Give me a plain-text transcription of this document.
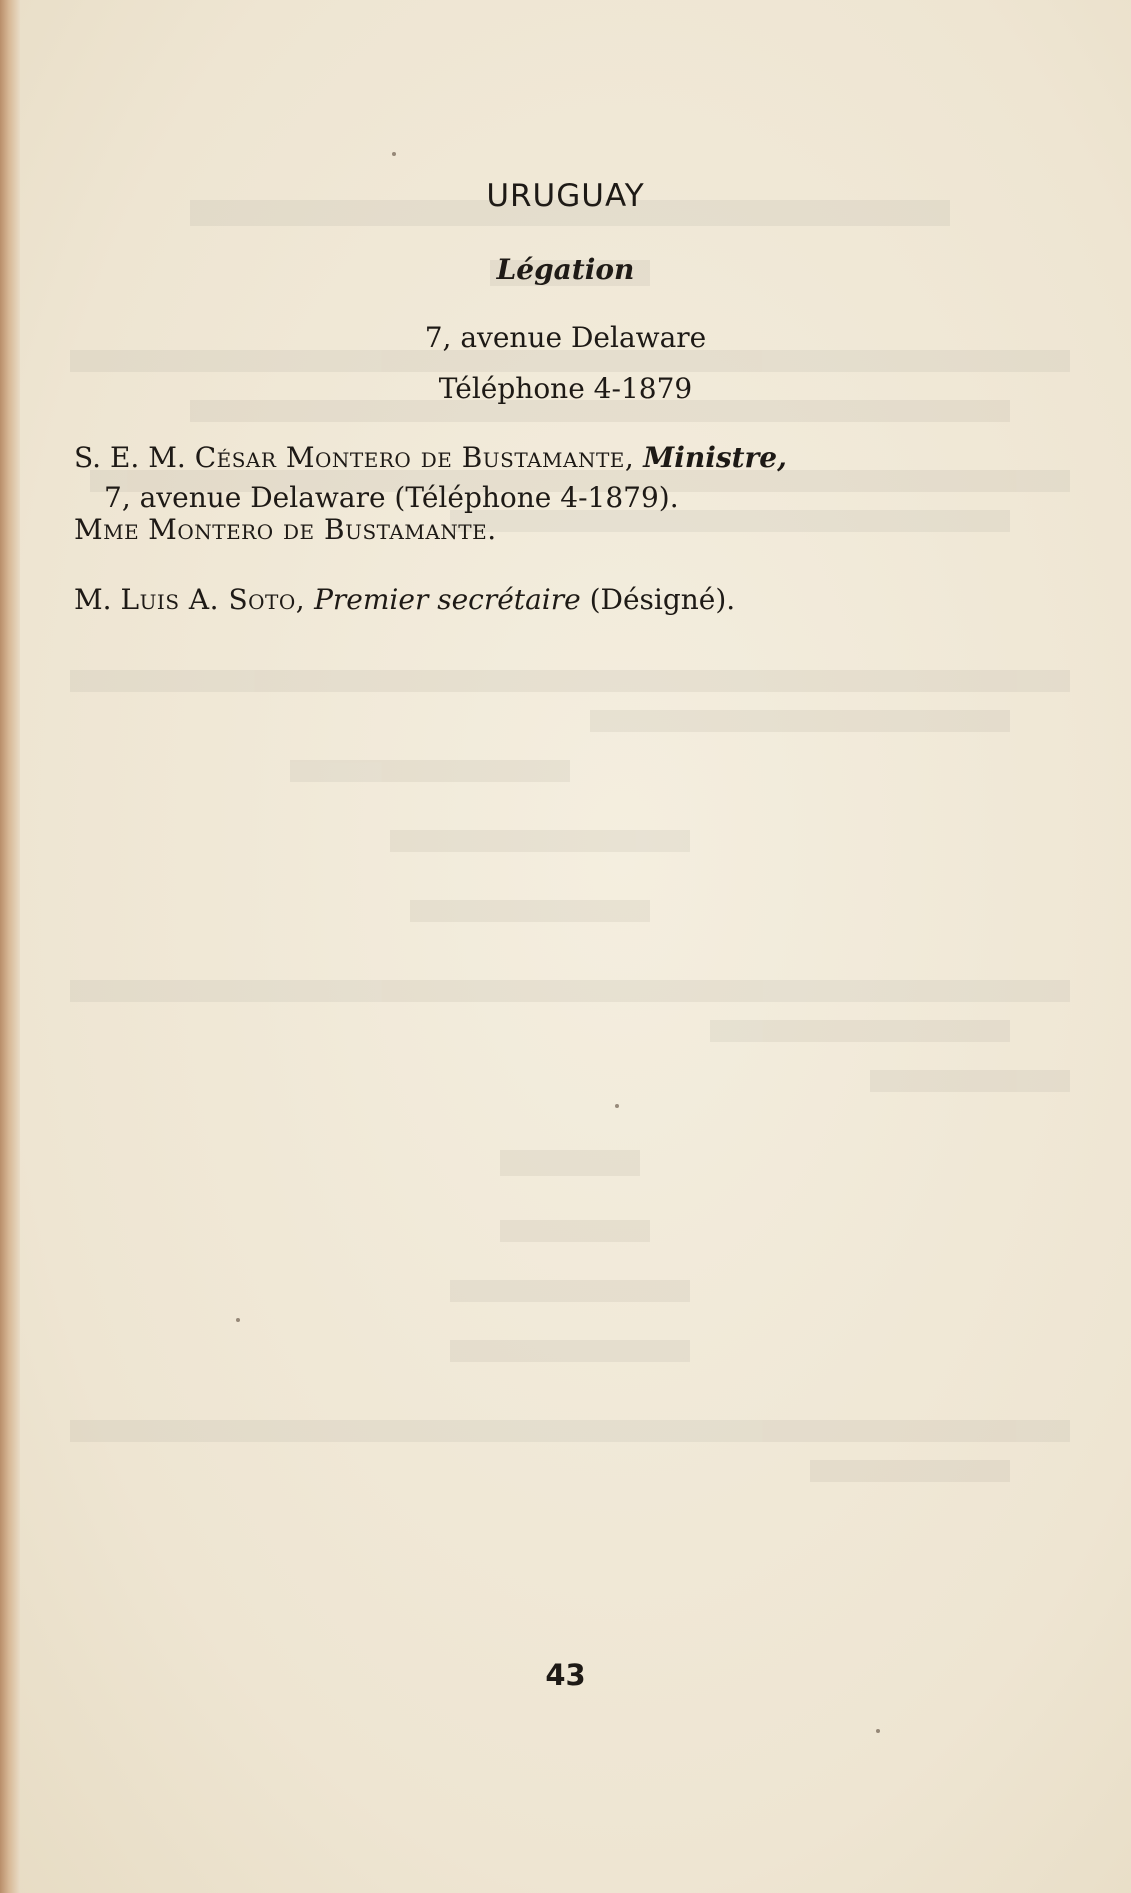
URUGUAY
Légation
7, avenue Delaware
Téléphone 4-1879
S. E. M. César Montero de Bustamante, Ministre,
7, avenue Delaware (Téléphone 4-1879).
Mme Montero de Bustamante.
M. Luis A. Soto, Premier secrétaire (Désigné).
43
